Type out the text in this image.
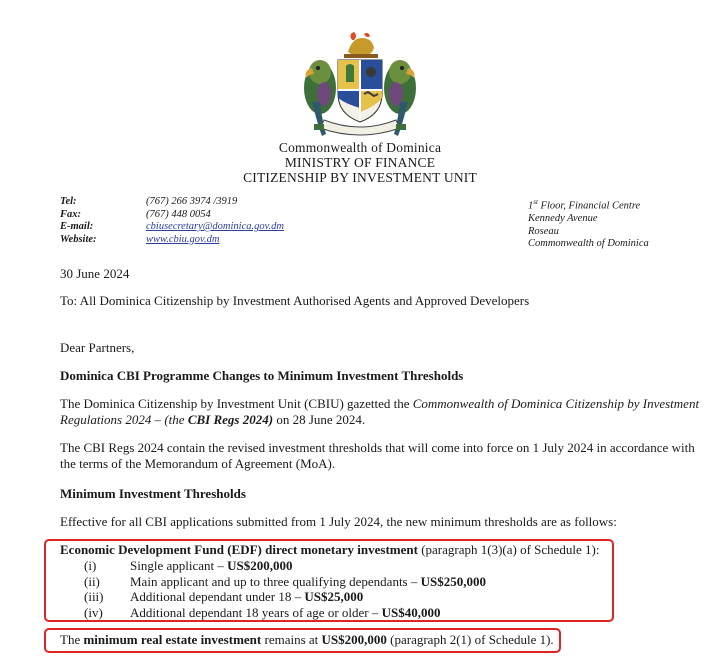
Commonwealth of Dominica
MINISTRY OF FINANCE
CITIZENSHIP BY INVESTMENT UNIT
Tel:	(767) 266 3974 /3919
Fax:	(767) 448 0054
E-mail:	cbiusecretary@dominica.gov.dm
Website:	www.cbiu.gov.dm
1st Floor, Financial Centre
Kennedy Avenue
Roseau
Commonwealth of Dominica
30 June 2024
To: All Dominica Citizenship by Investment Authorised Agents and Approved Developers
Dear Partners,
Dominica CBI Programme Changes to Minimum Investment Thresholds
The Dominica Citizenship by Investment Unit (CBIU) gazetted the Commonwealth of Dominica Citizenship by Investment Regulations 2024 – (the CBI Regs 2024) on 28 June 2024.
The CBI Regs 2024 contain the revised investment thresholds that will come into force on 1 July 2024 in accordance with the terms of the Memorandum of Agreement (MoA).
Minimum Investment Thresholds
Effective for all CBI applications submitted from 1 July 2024, the new minimum thresholds are as follows:
Economic Development Fund (EDF) direct monetary investment (paragraph 1(3)(a) of Schedule 1):
(i)	Single applicant – US$200,000
(ii) Main applicant and up to three qualifying dependants – US$250,000
(iii) Additional dependant under 18 – US$25,000
(iv) Additional dependant 18 years of age or older – US$40,000
The minimum real estate investment remains at US$200,000 (paragraph 2(1) of Schedule 1).
